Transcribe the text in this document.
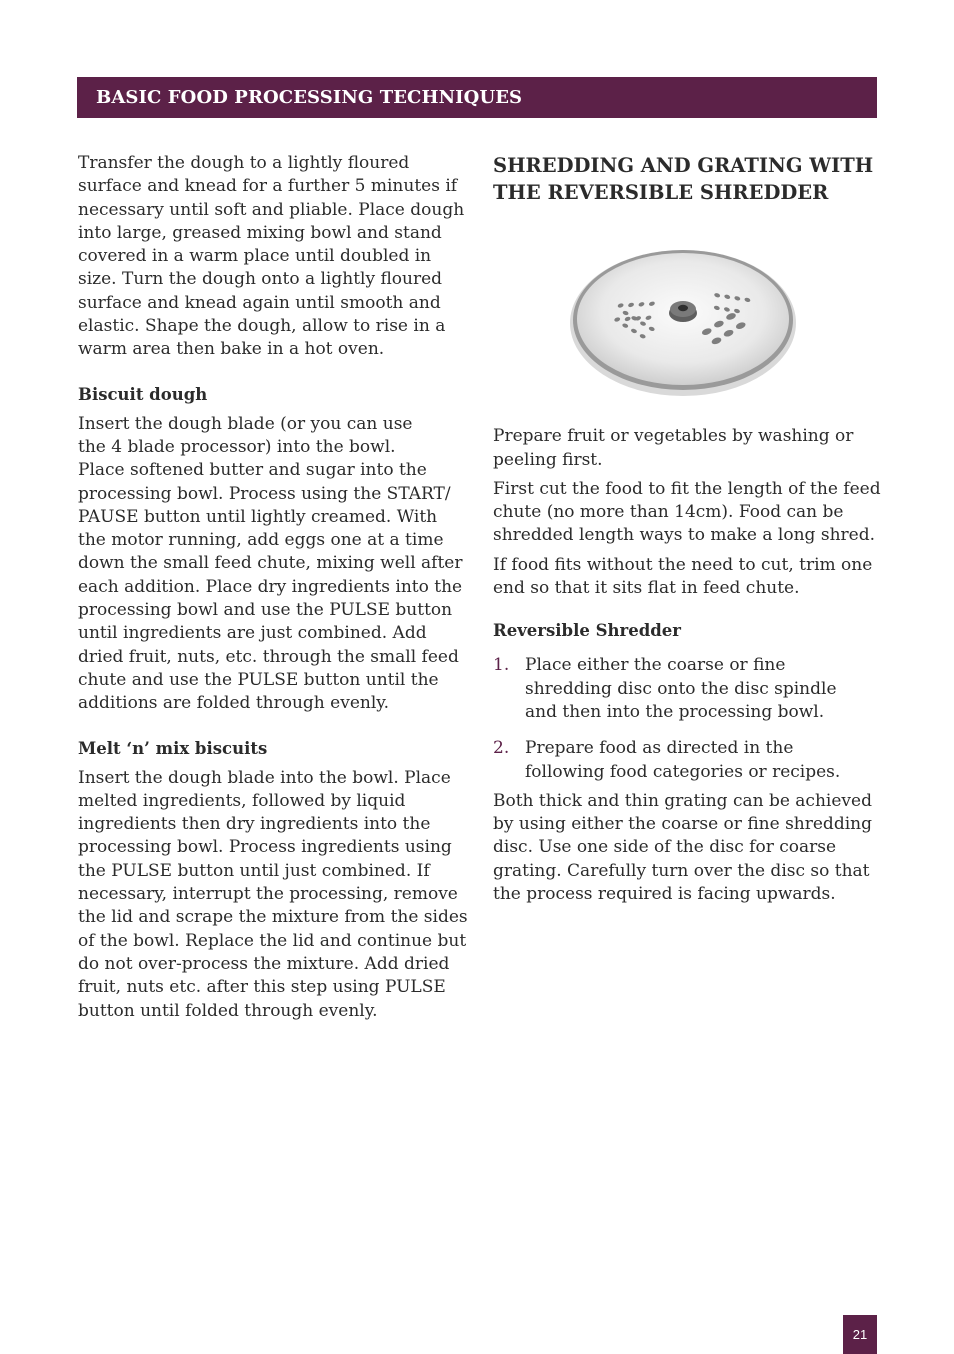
BASIC FOOD PROCESSING TECHNIQUES

Transfer the dough to a lightly floured
surface and knead for a further 5 minutes if
necessary until soft and pliable. Place dough
into large, greased mixing bowl and stand
covered in a warm place until doubled in
size. Turn the dough onto a lightly floured
surface and knead again until smooth and
elastic. Shape the dough, allow to rise in a
warm area then bake in a hot oven.

Biscuit dough

Insert the dough blade (or you can use
the 4 blade processor) into the bowl.
Place softened butter and sugar into the
processing bowl. Process using the START/
PAUSE button until lightly creamed. With
the motor running, add eggs one at a time
down the small feed chute, mixing well after
each addition. Place dry ingredients into the
processing bowl and use the PULSE button
until ingredients are just combined. Add
dried fruit, nuts, etc. through the small feed
chute and use the PULSE button until the
additions are folded through evenly.

Melt ‘n’ mix biscuits

Insert the dough blade into the bowl. Place
melted ingredients, followed by liquid
ingredients then dry ingredients into the
processing bowl. Process ingredients using
the PULSE button until just combined. If
necessary, interrupt the processing, remove
the lid and scrape the mixture from the sides
of the bowl. Replace the lid and continue but
do not over-process the mixture. Add dried
fruit, nuts etc. after this step using PULSE
button until folded through evenly.

SHREDDING AND GRATING WITH
THE REVERSIBLE SHREDDER

Prepare fruit or vegetables by washing or
peeling first.

First cut the food to fit the length of the feed
chute (no more than 14cm). Food can be
shredded length ways to make a long shred.

If food fits without the need to cut, trim one
end so that it sits flat in feed chute.

Reversible Shredder

1. Place either the coarse or fine
shredding disc onto the disc spindle
and then into the processing bowl.
2. Prepare food as directed in the
following food categories or recipes.

Both thick and thin grating can be achieved
by using either the coarse or fine shredding
disc. Use one side of the disc for coarse
grating. Carefully turn over the disc so that
the process required is facing upwards.

21
